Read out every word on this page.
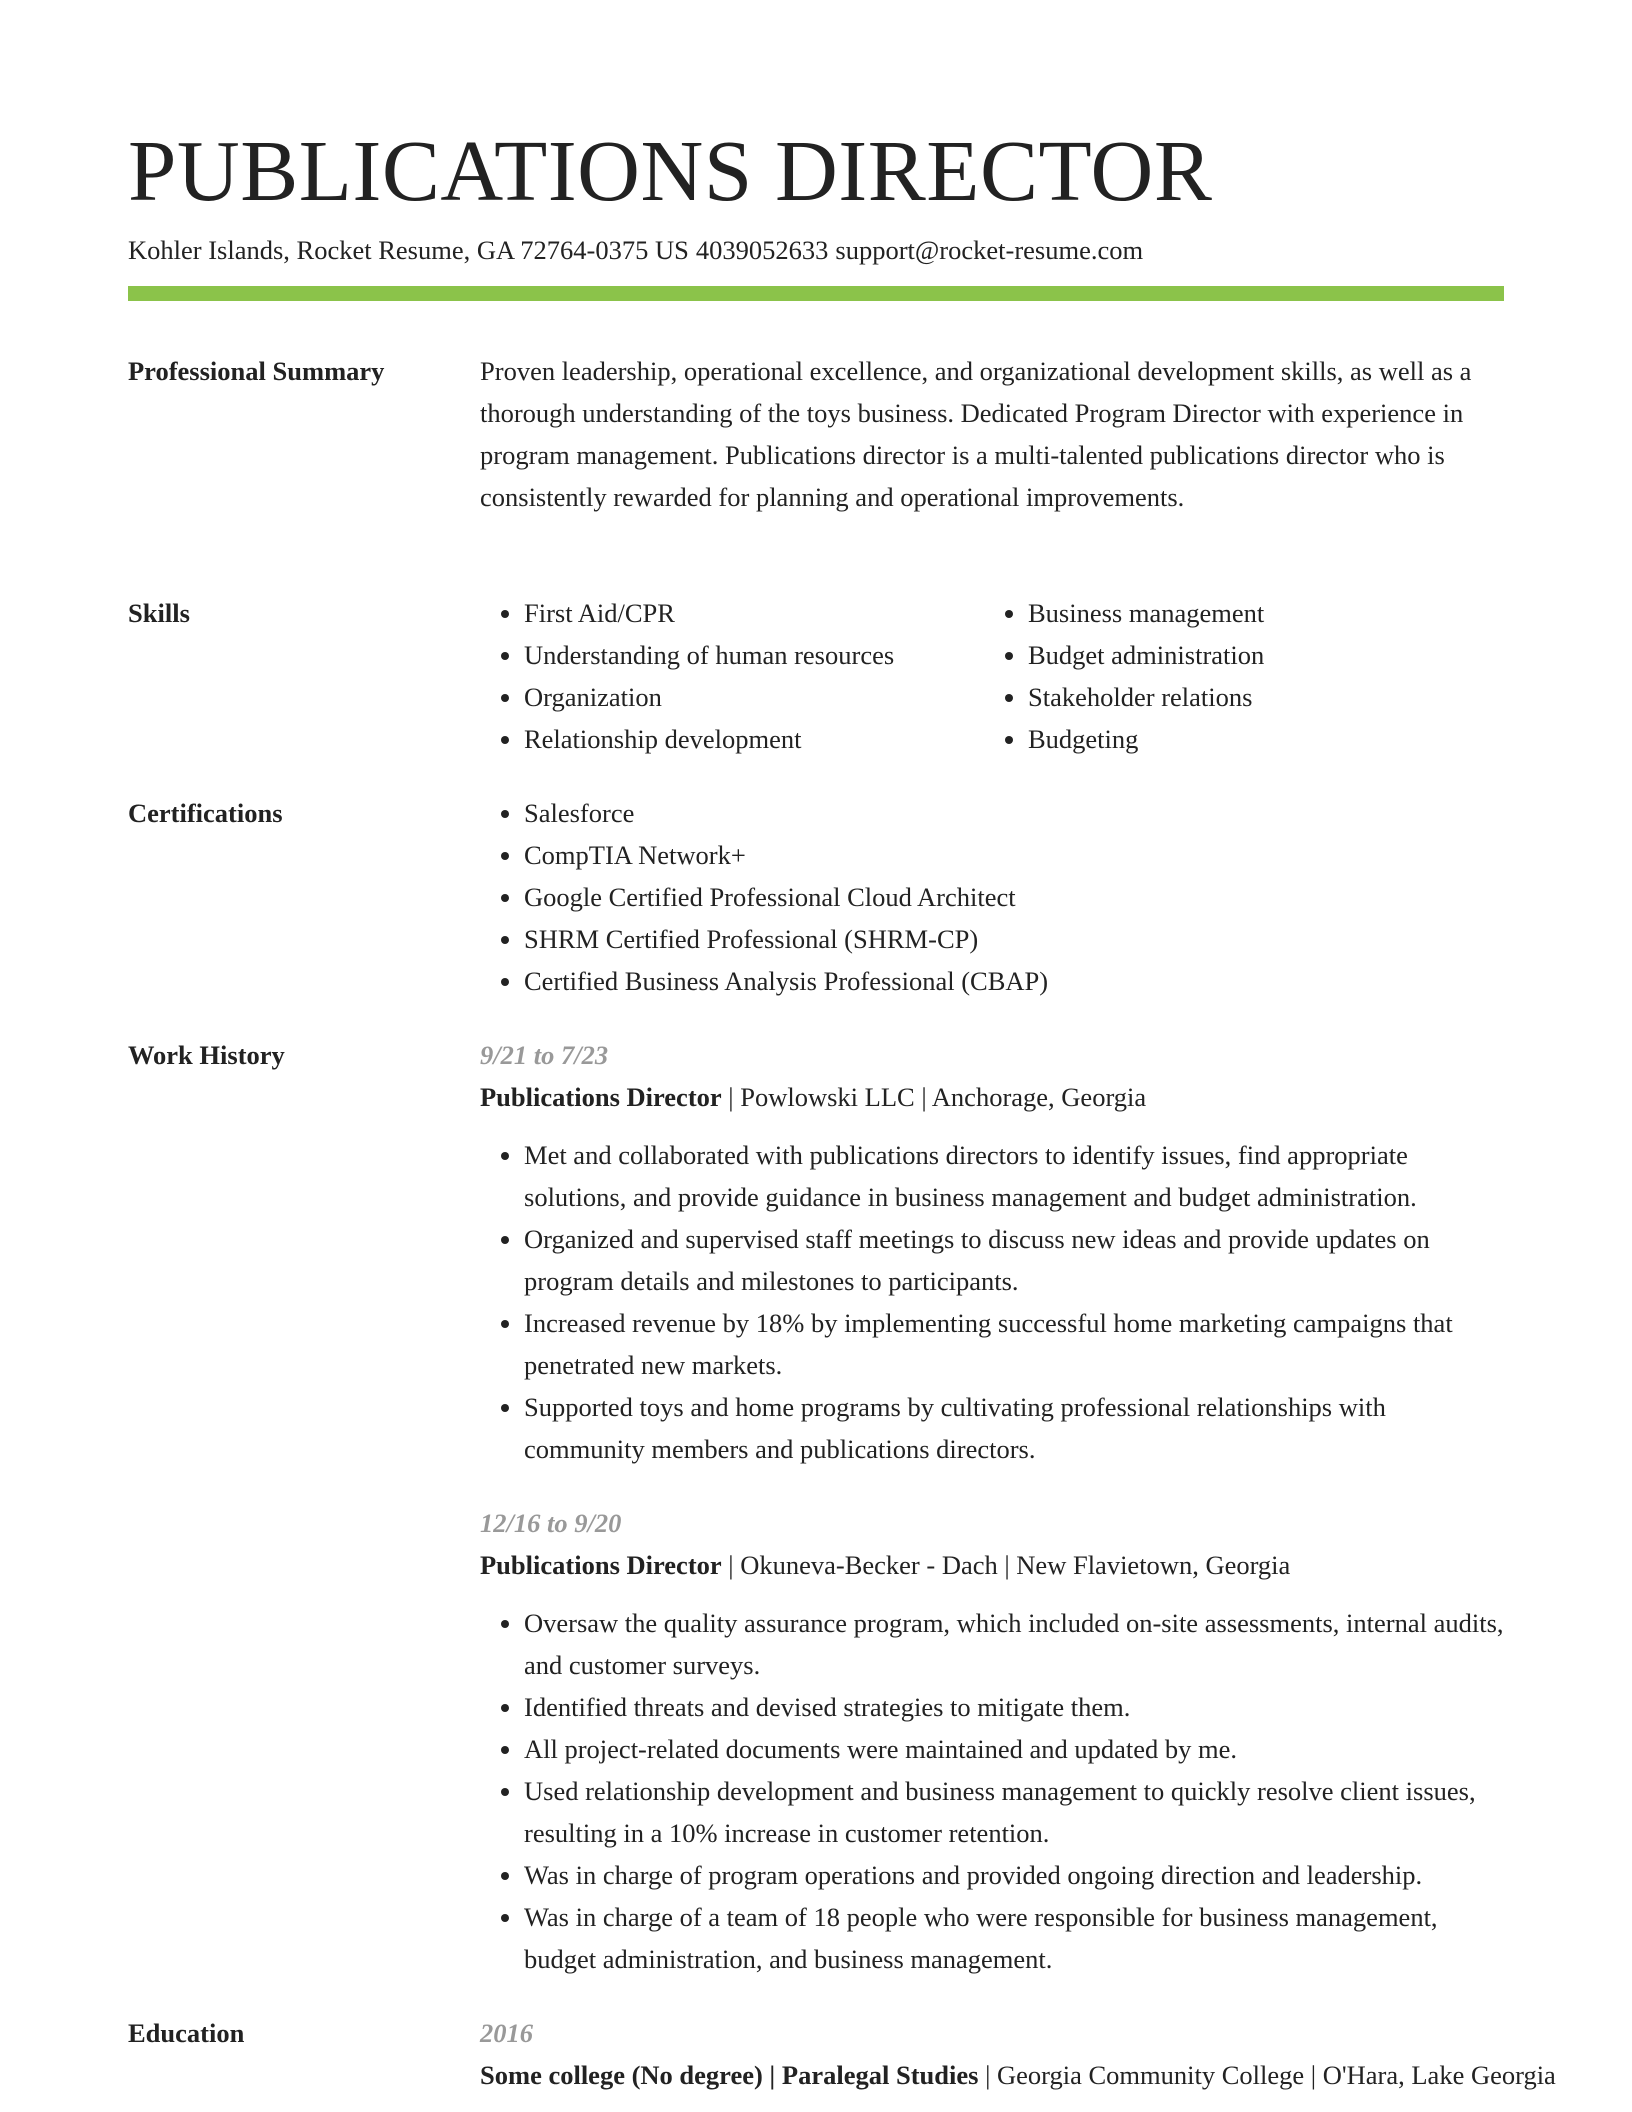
PUBLICATIONS DIRECTOR
Kohler Islands, Rocket Resume, GA 72764-0375 US 4039052633 support@rocket-resume.com
Professional Summary	Proven leadership, operational excellence, and organizational development skills, as well as a thorough understanding of the toys business. Dedicated Program Director with experience in program management. Publications director is a multi-talented publications director who is consistently rewarded for planning and operational improvements.

Skills	• First Aid/CPR
• Understanding of human resources
• Organization
• Relationship development
• Business management
• Budget administration
• Stakeholder relations
• Budgeting
Certifications	• Salesforce
• CompTIA Network+
• Google Certified Professional Cloud Architect
• SHRM Certified Professional (SHRM-CP)
• Certified Business Analysis Professional (CBAP)
Work History	9/21 to 7/23
Publications Director | Powlowski LLC | Anchorage, Georgia
• Met and collaborated with publications directors to identify issues, find appropriate solutions, and provide guidance in business management and budget administration.
• Organized and supervised staff meetings to discuss new ideas and provide updates on program details and milestones to participants.
• Increased revenue by 18% by implementing successful home marketing campaigns that penetrated new markets.
• Supported toys and home programs by cultivating professional relationships with community members and publications directors.
12/16 to 9/20
Publications Director | Okuneva-Becker - Dach | New Flavietown, Georgia
• Oversaw the quality assurance program, which included on-site assessments, internal audits, and customer surveys.
• Identified threats and devised strategies to mitigate them.
• All project-related documents were maintained and updated by me.
• Used relationship development and business management to quickly resolve client issues, resulting in a 10% increase in customer retention.
• Was in charge of program operations and provided ongoing direction and leadership.
• Was in charge of a team of 18 people who were responsible for business management, budget administration, and business management.
Education	2016
Some college (No degree) | Paralegal Studies | Georgia Community College | O'Hara, Lake Georgia
